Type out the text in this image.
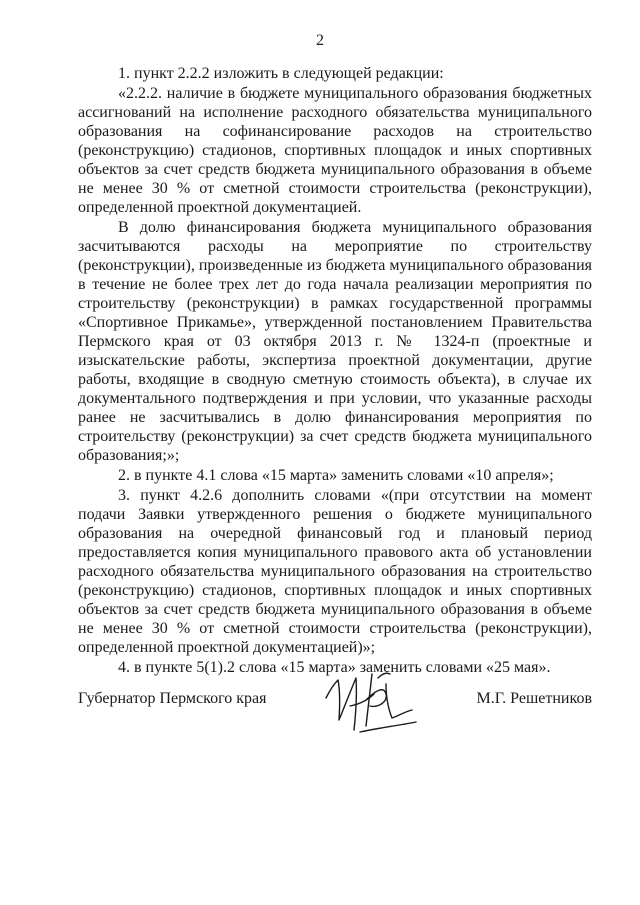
2

1. пункт 2.2.2 изложить в следующей редакции:

«2.2.2. наличие в бюджете муниципального образования бюджетных ассигнований на исполнение расходного обязательства муниципального образования на софинансирование расходов на строительство (реконструкцию) стадионов, спортивных площадок и иных спортивных объектов за счет средств бюджета муниципального образования в объеме не менее 30 % от сметной стоимости строительства (реконструкции), определенной проектной документацией.

В долю финансирования бюджета муниципального образования засчитываются расходы на мероприятие по строительству (реконструкции), произведенные из бюджета муниципального образования в течение не более трех лет до года начала реализации мероприятия по строительству (реконструкции) в рамках государственной программы «Спортивное Прикамье», утвержденной постановлением Правительства Пермского края от 03 октября 2013 г. № 1324-п (проектные и изыскательские работы, экспертиза проектной документации, другие работы, входящие в сводную сметную стоимость объекта), в случае их документального подтверждения и при условии, что указанные расходы ранее не засчитывались в долю финансирования мероприятия по строительству (реконструкции) за счет средств бюджета муниципального образования;»;

2. в пункте 4.1 слова «15 марта» заменить словами «10 апреля»;

3. пункт 4.2.6 дополнить словами «(при отсутствии на момент подачи Заявки утвержденного решения о бюджете муниципального образования на очередной финансовый год и плановый период предоставляется копия муниципального правового акта об установлении расходного обязательства муниципального образования на строительство (реконструкцию) стадионов, спортивных площадок и иных спортивных объектов за счет средств бюджета муниципального образования в объеме не менее 30 % от сметной стоимости строительства (реконструкции), определенной проектной документацией)»;

4. в пункте 5(1).2 слова «15 марта» заменить словами «25 мая».

Губернатор Пермского края	М.Г. Решетников
